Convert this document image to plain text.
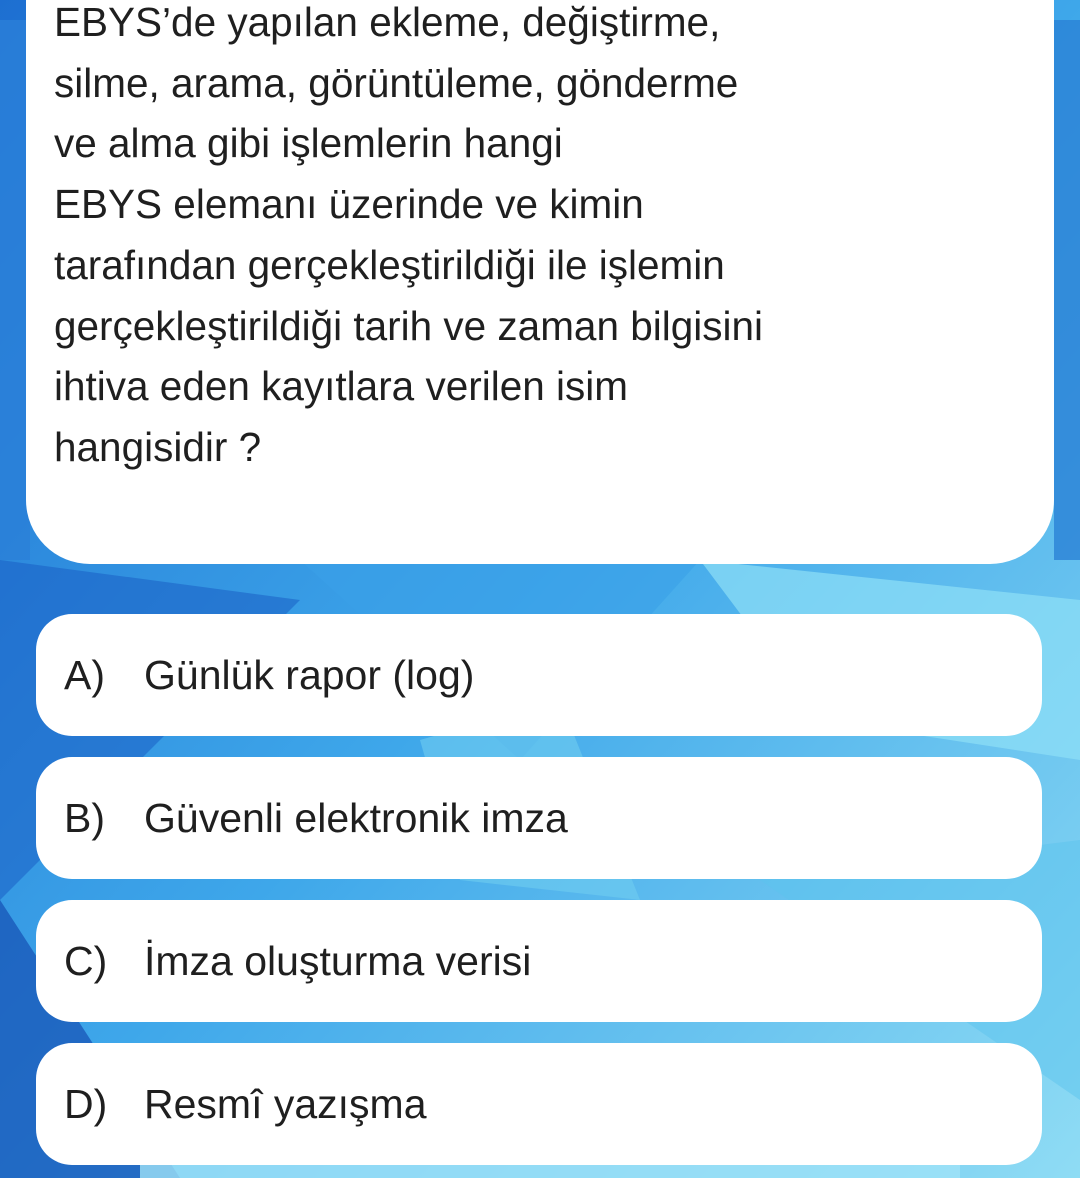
EBYS’de yapılan ekleme, değiştirme,
silme, arama, görüntüleme, gönderme
ve alma gibi işlemlerin hangi
EBYS elemanı üzerinde ve kimin
tarafından gerçekleştirildiği ile işlemin
gerçekleştirildiği tarih ve zaman bilgisini
ihtiva eden kayıtlara verilen isim
hangisidir ?

A) Günlük rapor (log)
B) Güvenli elektronik imza
C) İmza oluşturma verisi
D) Resmî yazışma
